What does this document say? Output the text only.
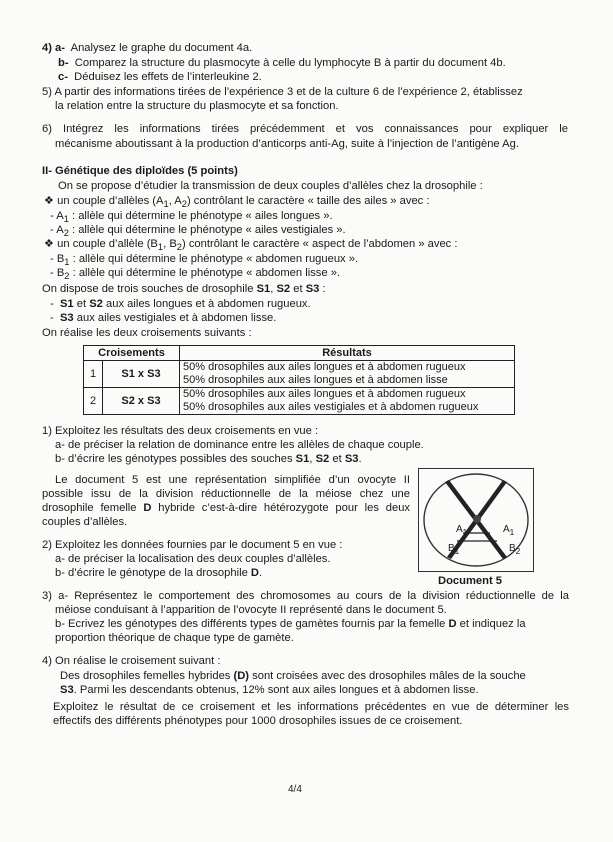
4) a- Analysez le graphe du document 4a.
b- Comparez la structure du plasmocyte à celle du lymphocyte B à partir du document 4b.
c- Déduisez les effets de l’interleukine 2.
5) A partir des informations tirées de l’expérience 3 et de la culture 6 de l’expérience 2, établissez
la relation entre la structure du plasmocyte et sa fonction.
6) Intégrez les informations tirées précédemment et vos connaissances pour expliquer le
mécanisme aboutissant à la production d’anticorps anti-Ag, suite à l’injection de l’antigène Ag.
II- Génétique des diploïdes (5 points)
On se propose d’étudier la transmission de deux couples d’allèles chez la drosophile :
❖ un couple d’allèles ($A_1$, $A_2$) contrôlant le caractère « taille des ailes » avec :
- $A_1$ : allèle qui détermine le phénotype « ailes longues ».
- $A_2$ : allèle qui détermine le phénotype « ailes vestigiales ».
❖ un couple d’allèle ($B_1$, $B_2$) contrôlant le caractère « aspect de l’abdomen » avec :
- $B_1$ : allèle qui détermine le phénotype « abdomen rugueux ».
- $B_2$ : allèle qui détermine le phénotype « abdomen lisse ».
On dispose de trois souches de drosophile S1, S2 et S3 :
- S1 et S2 aux ailes longues et à abdomen rugueux.
- S3 aux ailes vestigiales et à abdomen lisse.
On réalise les deux croisements suivants :
Croisements		Résultats
1	S1 x S3	50% drosophiles aux ailes longues et à abdomen rugueux
50% drosophiles aux ailes longues et à abdomen lisse

2	S2 x S3	50% drosophiles aux ailes longues et à abdomen rugueux
50% drosophiles aux ailes vestigiales et à abdomen rugueux
1) Exploitez les résultats des deux croisements en vue :
a- de préciser la relation de dominance entre les allèles de chaque couple.
b- d’écrire les génotypes possibles des souches S1, S2 et S3.
Le document 5 est une représentation simplifiée d’un ovocyte II
possible issu de la division réductionnelle de la méiose chez une
drosophile femelle D hybride c’est-à-dire hétérozygote pour les deux
couples d’allèles.
$A_1$	$A_1$
$B_1$	$B_2$
Document 5
2) Exploitez les données fournies par le document 5 en vue :
a- de préciser la localisation des deux couples d’allèles.
b- d’écrire le génotype de la drosophile D.
3) a- Représentez le comportement des chromosomes au cours de la division réductionnelle de la
méiose conduisant à l’apparition de l’ovocyte II représenté dans le document 5.
b- Ecrivez les génotypes des différents types de gamètes fournis par la femelle D et indiquez la
proportion théorique de chaque type de gamète.
4) On réalise le croisement suivant :
Des drosophiles femelles hybrides (D) sont croisées avec des drosophiles mâles de la souche
S3. Parmi les descendants obtenus, 12% sont aux ailes longues et à abdomen lisse.
Exploitez le résultat de ce croisement et les informations précédentes en vue de déterminer les
effectifs des différents phénotypes pour 1000 drosophiles issues de ce croisement.
4/4
